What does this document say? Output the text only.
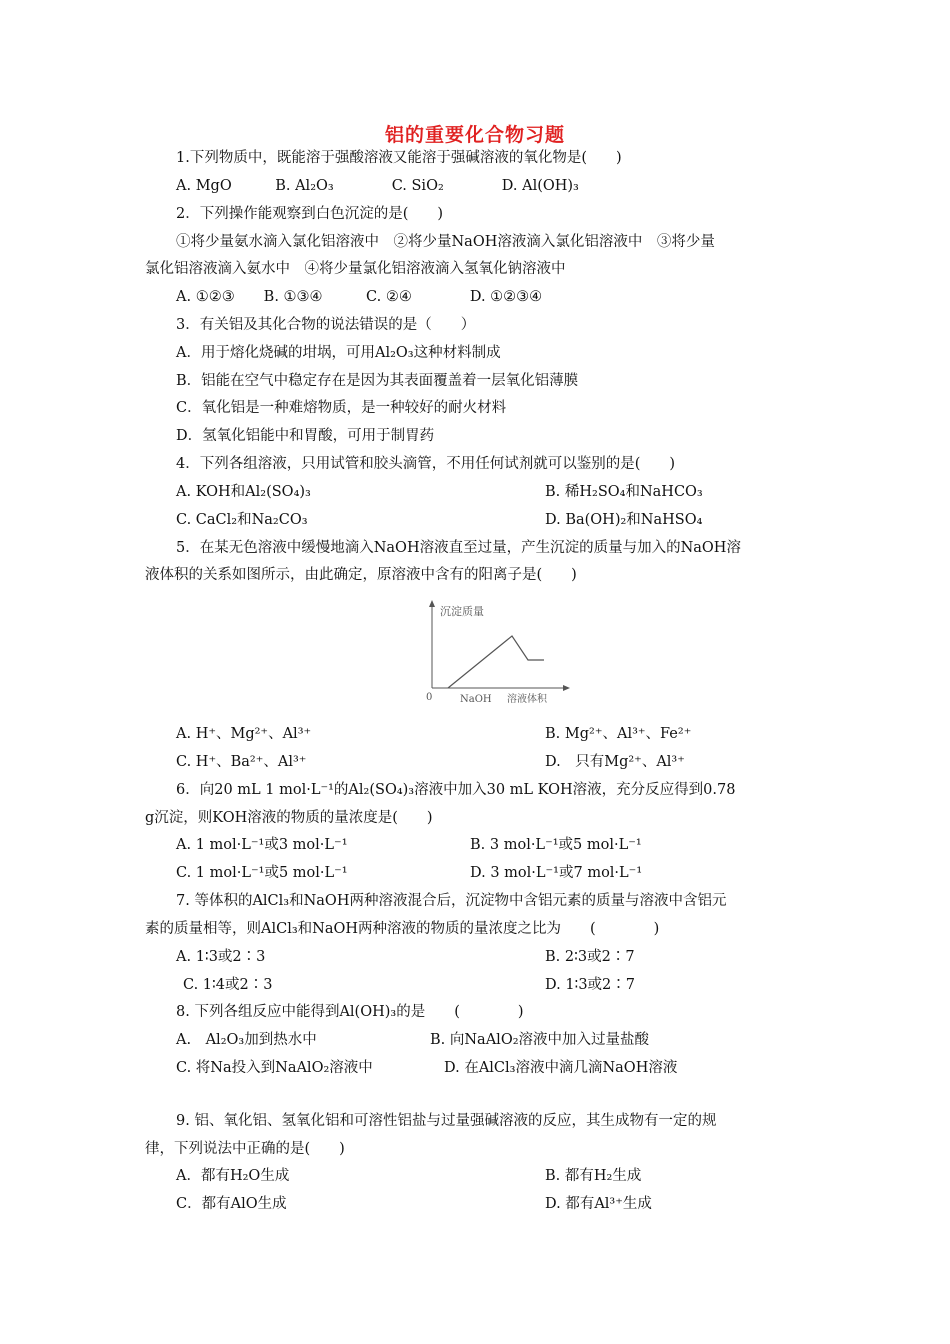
铝的重要化合物习题
1.下列物质中，既能溶于强酸溶液又能溶于强碱溶液的氧化物是(　　)
A. MgO　　　B. Al₂O₃　　　　C. SiO₂　　　　D. Al(OH)₃
2．下列操作能观察到白色沉淀的是(　　)
①将少量氨水滴入氯化铝溶液中　②将少量NaOH溶液滴入氯化铝溶液中　③将少量
氯化铝溶液滴入氨水中　④将少量氯化铝溶液滴入氢氧化钠溶液中
A. ①②③　　B. ①③④　　　C. ②④　　　　D. ①②③④
3．有关铝及其化合物的说法错误的是（　　）
A．用于熔化烧碱的坩埚，可用Al₂O₃这种材料制成
B．铝能在空气中稳定存在是因为其表面覆盖着一层氧化铝薄膜
C．氧化铝是一种难熔物质，是一种较好的耐火材料
D．氢氧化铝能中和胃酸，可用于制胃药
4．下列各组溶液，只用试管和胶头滴管，不用任何试剂就可以鉴别的是(　　)
A. KOH和Al₂(SO₄)₃	B. 稀H₂SO₄和NaHCO₃
C. CaCl₂和Na₂CO₃	D. Ba(OH)₂和NaHSO₄
5．在某无色溶液中缓慢地滴入NaOH溶液直至过量，产生沉淀的质量与加入的NaOH溶
液体积的关系如图所示，由此确定，原溶液中含有的阳离子是(　　)
沉淀质量
0	NaOH 溶液体积
A. H⁺、Mg²⁺、Al³⁺	B. Mg²⁺、Al³⁺、Fe²⁺
C. H⁺、Ba²⁺、Al³⁺	D.　只有Mg²⁺、Al³⁺
6．向20 mL 1 mol·L⁻¹的Al₂(SO₄)₃溶液中加入30 mL KOH溶液，充分反应得到0.78
g沉淀，则KOH溶液的物质的量浓度是(　　)
A. 1 mol·L⁻¹或3 mol·L⁻¹	B. 3 mol·L⁻¹或5 mol·L⁻¹
C. 1 mol·L⁻¹或5 mol·L⁻¹	D. 3 mol·L⁻¹或7 mol·L⁻¹
7. 等体积的AlCl₃和NaOH两种溶液混合后，沉淀物中含铝元素的质量与溶液中含铝元
素的质量相等，则AlCl₃和NaOH两种溶液的物质的量浓度之比为　　(　　　　)
A. 1∶3或2∶3	B. 2∶3或2∶7
C. 1∶4或2∶3	D. 1∶3或2∶7
8. 下列各组反应中能得到Al(OH)₃的是　　(　　　　)
A.　Al₂O₃加到热水中	B. 向NaAlO₂溶液中加入过量盐酸
C. 将Na投入到NaAlO₂溶液中	D. 在AlCl₃溶液中滴几滴NaOH溶液
9. 铝、氧化铝、氢氧化铝和可溶性铝盐与过量强碱溶液的反应，其生成物有一定的规
律，下列说法中正确的是(　　)
A．都有H₂O生成	B. 都有H₂生成
C．都有AlO生成	D. 都有Al³⁺生成
